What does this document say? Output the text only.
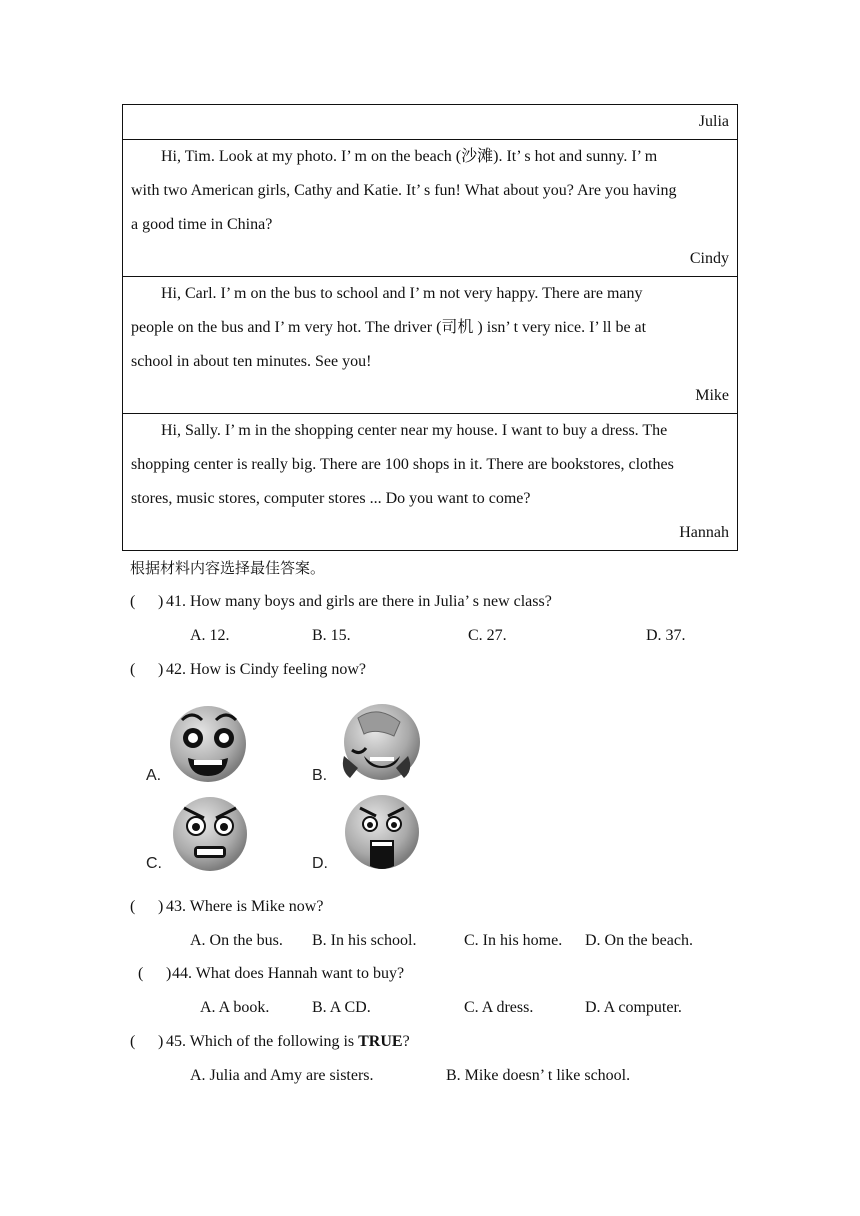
Julia
Hi, Tim. Look at my photo. I’ m on the beach (沙滩). It’ s hot and sunny. I’ m
with two American girls, Cathy and Katie. It’ s fun! What about you? Are you having
a good time in China?
Cindy
Hi, Carl. I’ m on the bus to school and I’ m not very happy. There are many
people on the bus and I’ m very hot. The driver (司机 ) isn’ t very nice. I’ ll be at
school in about ten minutes. See you!
Mike
Hi, Sally. I’ m in the shopping center near my house. I want to buy a dress. The
shopping center is really big. There are 100 shops in it. There are bookstores, clothes
stores, music stores, computer stores ... Do you want to come?
Hannah
根据材料内容选择最佳答案。
( ) 41. How many boys and girls are there in Julia’ s new class?
A. 12.	B. 15.	C. 27.	D. 37.
( ) 42. How is Cindy feeling now?
A.	B.
C.	D.
( ) 43. Where is Mike now?
A. On the bus. B. In his school.	C. In his home. D. On the beach.
( ) 44. What does Hannah want to buy?
A. A book.	B. A CD.	C. A dress.	D. A computer.
( ) 45. Which of the following is TRUE?
A. Julia and Amy are sisters.	B. Mike doesn’ t like school.
